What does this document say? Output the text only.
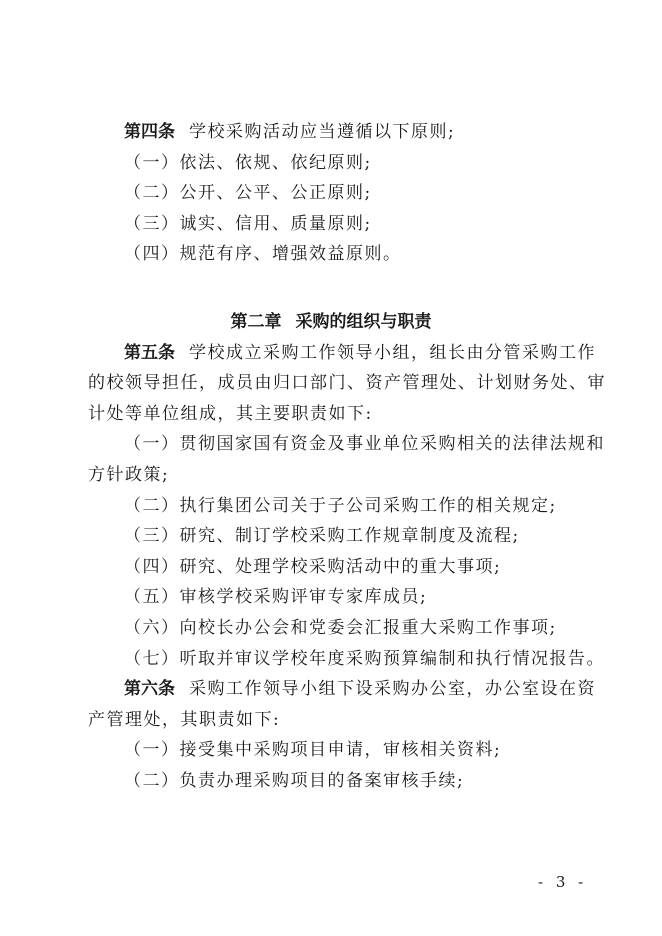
第四条 学校采购活动应当遵循以下原则;
（一）依法、依规、依纪原则;
（二）公开、公平、公正原则;
（三）诚实、信用、质量原则;
（四）规范有序、增强效益原则。
第二章 采购的组织与职责
第五条 学校成立采购工作领导小组，组长由分管采购工作
的校领导担任，成员由归口部门、资产管理处、计划财务处、审
计处等单位组成，其主要职责如下:
（一）贯彻国家国有资金及事业单位采购相关的法律法规和
方针政策;
（二）执行集团公司关于子公司采购工作的相关规定;
（三）研究、制订学校采购工作规章制度及流程;
（四）研究、处理学校采购活动中的重大事项;
（五）审核学校采购评审专家库成员;
（六）向校长办公会和党委会汇报重大采购工作事项;
（七）听取并审议学校年度采购预算编制和执行情况报告。
第六条 采购工作领导小组下设采购办公室，办公室设在资
产管理处，其职责如下:
（一）接受集中采购项目申请，审核相关资料;
（二）负责办理采购项目的备案审核手续;
- 3 -
